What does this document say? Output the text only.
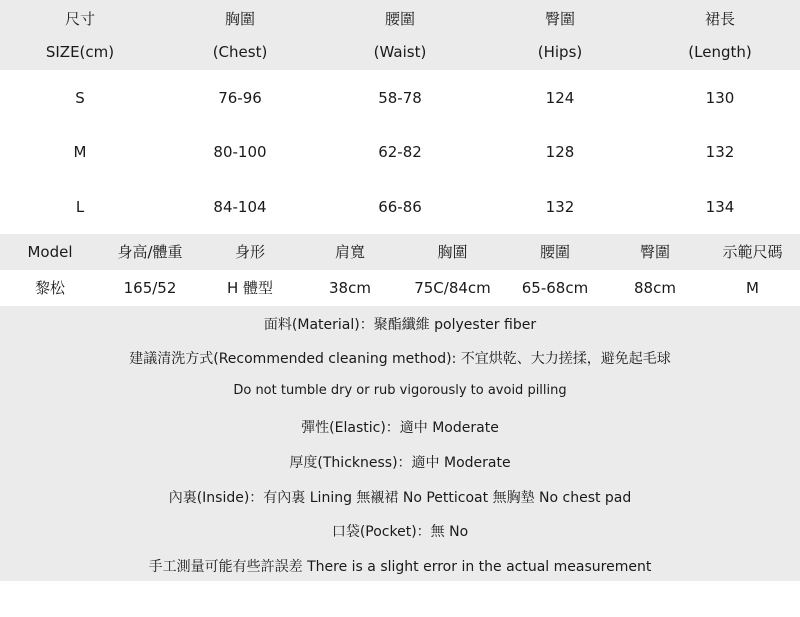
尺寸	胸圍	腰圍	臀圍	裙長
SIZE(cm)	(Chest)	(Waist)	(Hips)	(Length)
S	76-96	58-78	124	130
M	80-100	62-82	128	132
L	84-104	66-86	132	134
Model	身高/體重	身形	肩寬	胸圍	腰圍	臀圍	示範尺碼
黎松	165/52	H 體型	38cm	75C/84cm	65-68cm	88cm	M
面料(Material)：聚酯纖維 polyester fiber
建議清洗方式(Recommended cleaning method): 不宜烘乾、大力搓揉，避免起毛球
Do not tumble dry or rub vigorously to avoid pilling
彈性(Elastic)：適中 Moderate
厚度(Thickness)：適中 Moderate
內裏(Inside)：有內裏 Lining 無襯裙 No Petticoat 無胸墊 No chest pad
口袋(Pocket)：無 No
手工測量可能有些許誤差 There is a slight error in the actual measurement
